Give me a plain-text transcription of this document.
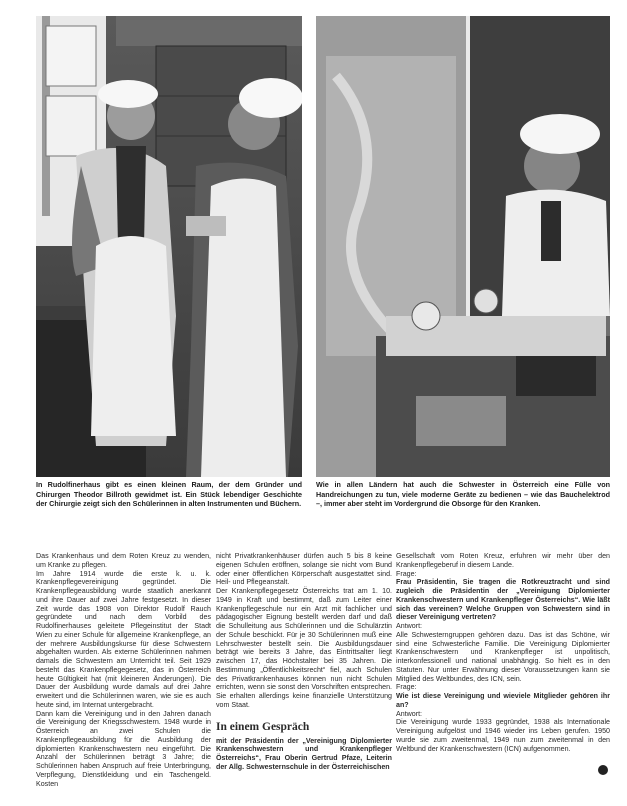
In Rudolfinerhaus gibt es einen kleinen Raum, der dem Gründer und Chirurgen Theodor Billroth gewidmet ist. Ein Stück lebendiger Geschichte der Chirurgie zeigt sich den Schülerinnen in alten Instrumenten und Büchern.
Wie in allen Ländern hat auch die Schwester in Österreich eine Fülle von Handreichungen zu tun, viele moderne Geräte zu bedienen – wie das Bauchelektrod –, immer aber steht im Vordergrund die Obsorge für den Kranken.

Das Krankenhaus und dem Roten Kreuz zu wenden, um Kranke zu pflegen.

Im Jahre 1914 wurde die erste k. u. k. Krankenpflegevereinigung gegründet. Die Krankenpflegeausbildung wurde staatlich anerkannt und ihre Dauer auf zwei Jahre festgesetzt. In dieser Zeit wurde das 1908 von Direktor Rudolf Rauch gegründete und nach dem Vorbild des Rudolfinerhauses geleitete Pflegeinstitut der Stadt Wien zu einer Schule für allgemeine Krankenpflege, an der mehrere Ausbildungskurse für diese Schwestern abgehalten wurden. Als externe Schülerinnen nahmen damals die Schwestern am Unterricht teil. Seit 1929 besteht das Krankenpflegegesetz, das in Österreich heute Gültigkeit hat (mit kleineren Änderungen). Die Dauer der Ausbildung wurde damals auf drei Jahre erweitert und die Schülerinnen waren, wie sie es auch heute sind, im Internat untergebracht.

Dann kam die Vereinigung und in den Jahren danach die Vereinigung der Kriegsschwestern. 1948 wurde in Österreich an zwei Schulen die Krankenpflegeausbildung für die Ausbildung der diplomierten Krankenschwestern neu eingeführt. Die Anzahl der Schülerinnen beträgt 3 Jahre; die Schülerinnen haben Anspruch auf freie Unterbringung, Verpflegung, Dienstkleidung und ein Taschengeld. Kosten

nicht Privatkrankenhäuser dürfen auch 5 bis 8 keine eigenen Schulen eröffnen, solange sie nicht vom Bund oder einer öffentlichen Körperschaft ausgestattet sind. Heil- und Pflegeanstalt.

Der Krankenpflegegesetz Österreichs trat am 1. 10. 1949 in Kraft und bestimmt, daß zum Leiter einer Krankenpflegeschule nur ein Arzt mit fachlicher und pädagogischer Eignung bestellt werden darf und daß die Schulleitung aus Schülerinnen und die Schulärztin der Schule beschickt. Für je 30 Schülerinnen muß eine Lehrschwester bestellt sein. Die Ausbildungsdauer beträgt wie bereits 3 Jahre, das Eintrittsalter liegt zwischen 17, das Höchstalter bei 35 Jahren. Die Bestimmung „Öffentlichkeitsrecht“ fiel, auch Schulen des Privatkrankenhauses können nun nicht Schulen errichten, wenn sie sonst den Vorschriften entsprechen. Sie erhalten allerdings keine finanzielle Unterstützung vom Staat.

In einem Gespräch

mit der Präsidentin der „Vereinigung Diplomierter Krankenschwestern und Krankenpfleger Österreichs“, Frau Oberin Gertrud Pfaze, Leiterin der Allg. Schwesternschule in der Österreichischen

Gesellschaft vom Roten Kreuz, erfuhren wir mehr über den Krankenpflegeberuf in diesem Lande.

Frage:

Frau Präsidentin, Sie tragen die Rotkreuztracht und sind zugleich die Präsidentin der „Vereinigung Diplomierter Krankenschwestern und Krankenpfleger Österreichs“. Wie läßt sich das vereinen? Welche Gruppen von Schwestern sind in dieser Vereinigung vertreten?

Antwort:

Alle Schwesterngruppen gehören dazu. Das ist das Schöne, wir sind eine Schwesterliche Familie. Die Vereinigung Diplomierter Krankenschwestern und Krankenpfleger ist unpolitisch, interkonfessionell und national unabhängig. So hielt es in den Statuten. Nur unter Erwähnung dieser Voraussetzungen kann sie Mitglied des Weltbundes, des ICN, sein.

Frage:

Wie ist diese Vereinigung und wieviele Mitglieder gehören ihr an?

Antwort:

Die Vereinigung wurde 1933 gegründet, 1938 als Internationale Vereinigung aufgelöst und 1946 wieder ins Leben gerufen. 1950 wurde sie zum zweitenmal, 1949 nun zum zweitenmal in den Weltbund der Krankenschwestern (ICN) aufgenommen.
